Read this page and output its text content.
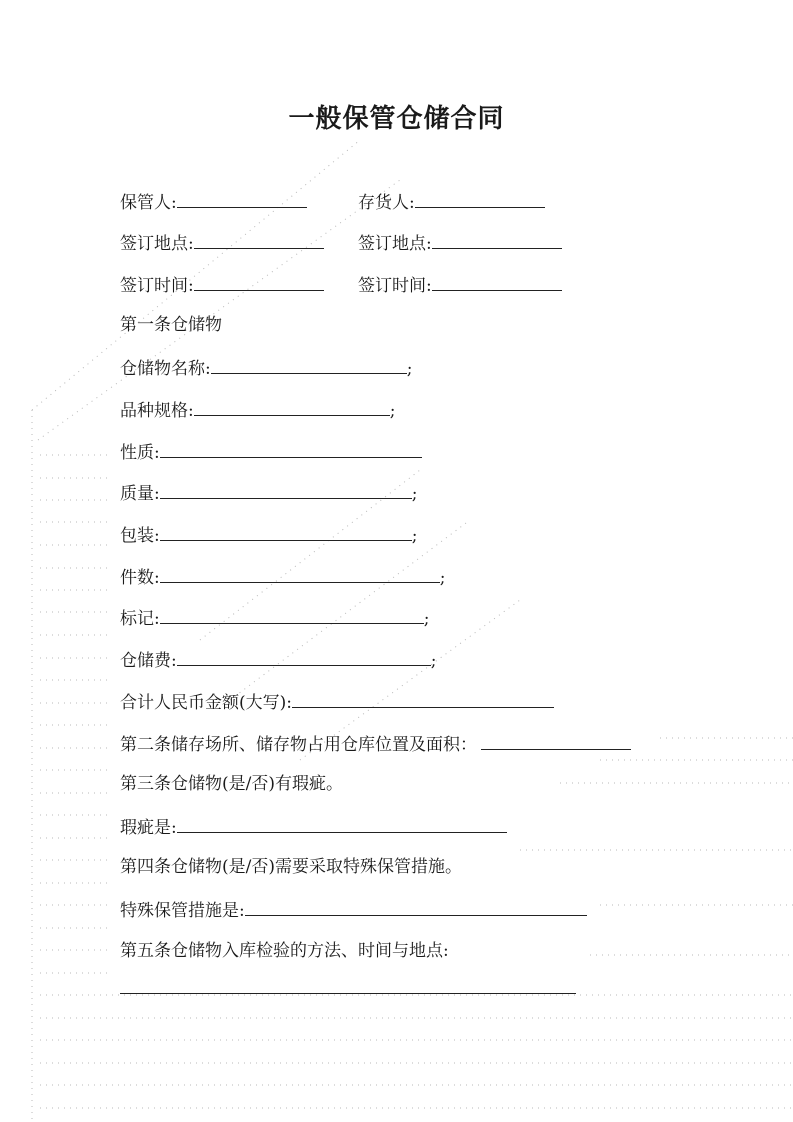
一般保管仓储合同
保管人:	存货人:
签订地点:	签订地点:
签订时间:	签订时间:
第一条仓储物
仓储物名称:	;
品种规格:	;
性质:
质量:	;
包装:	;
件数:	;
标记:	;
仓储费:	;
合计人民币金额(大写):
第二条储存场所、储存物占用仓库位置及面积：
第三条仓储物(是/否)有瑕疵。
瑕疵是:
第四条仓储物(是/否)需要采取特殊保管措施。
特殊保管措施是:
第五条仓储物入库检验的方法、时间与地点:
